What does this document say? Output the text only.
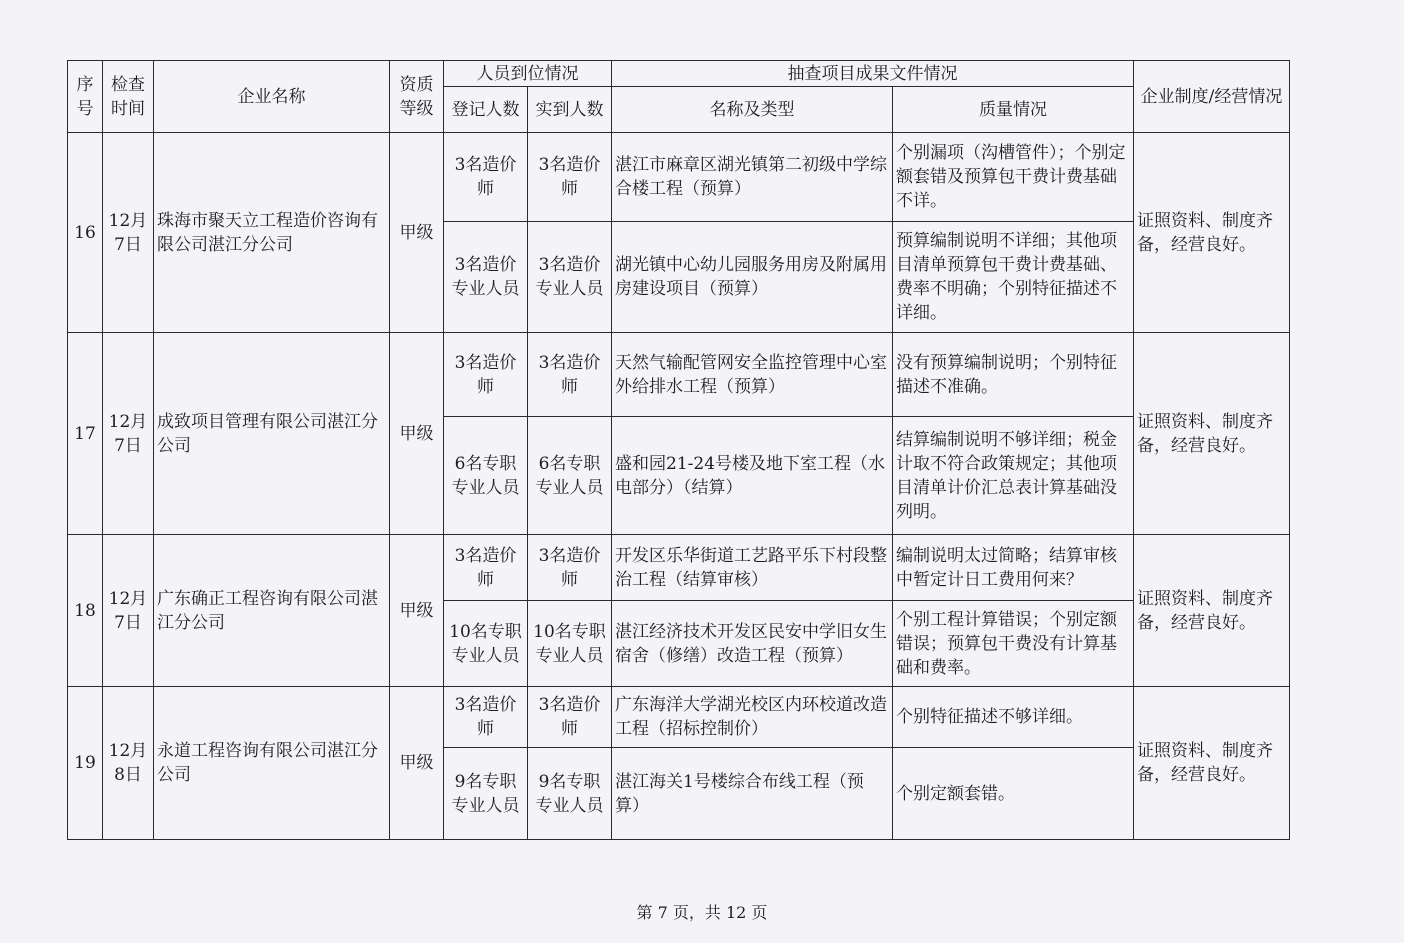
序号	检查时间	企业名称	资质等级	人员到位情况		抽查项目成果文件情况		企业制度/经营情况
				登记人数	实到人数	名称及类型	质量情况	
16	12月7日	珠海市聚天立工程造价咨询有限公司湛江分公司	甲级	3名造价师	3名造价师	湛江市麻章区湖光镇第二初级中学综合楼工程（预算）	个别漏项（沟槽管件）；个别定额套错及预算包干费计费基础不详。	证照资料、制度齐备，经营良好。
				3名造价专业人员	3名造价专业人员	湖光镇中心幼儿园服务用房及附属用房建设项目（预算）	预算编制说明不详细；其他项目清单预算包干费计费基础、费率不明确；个别特征描述不详细。	
17	12月7日	成致项目管理有限公司湛江分公司	甲级	3名造价师	3名造价师	天然气输配管网安全监控管理中心室外给排水工程（预算）	没有预算编制说明；个别特征描述不准确。	证照资料、制度齐备，经营良好。
				6名专职专业人员	6名专职专业人员	盛和园21-24号楼及地下室工程（水电部分）（结算）	结算编制说明不够详细；税金计取不符合政策规定；其他项目清单计价汇总表计算基础没列明。	
18	12月7日	广东确正工程咨询有限公司湛江分公司	甲级	3名造价师	3名造价师	开发区乐华街道工艺路平乐下村段整治工程（结算审核）	编制说明太过简略；结算审核中暂定计日工费用何来？	证照资料、制度齐备，经营良好。
				10名专职专业人员	10名专职专业人员	湛江经济技术开发区民安中学旧女生宿舍（修缮）改造工程（预算）	个别工程计算错误；个别定额错误；预算包干费没有计算基础和费率。	
19	12月8日	永道工程咨询有限公司湛江分公司	甲级	3名造价师	3名造价师	广东海洋大学湖光校区内环校道改造工程（招标控制价）	个别特征描述不够详细。	证照资料、制度齐备，经营良好。
				9名专职专业人员	9名专职专业人员	湛江海关1号楼综合布线工程（预算）	个别定额套错。	
第 7 页，共 12 页
